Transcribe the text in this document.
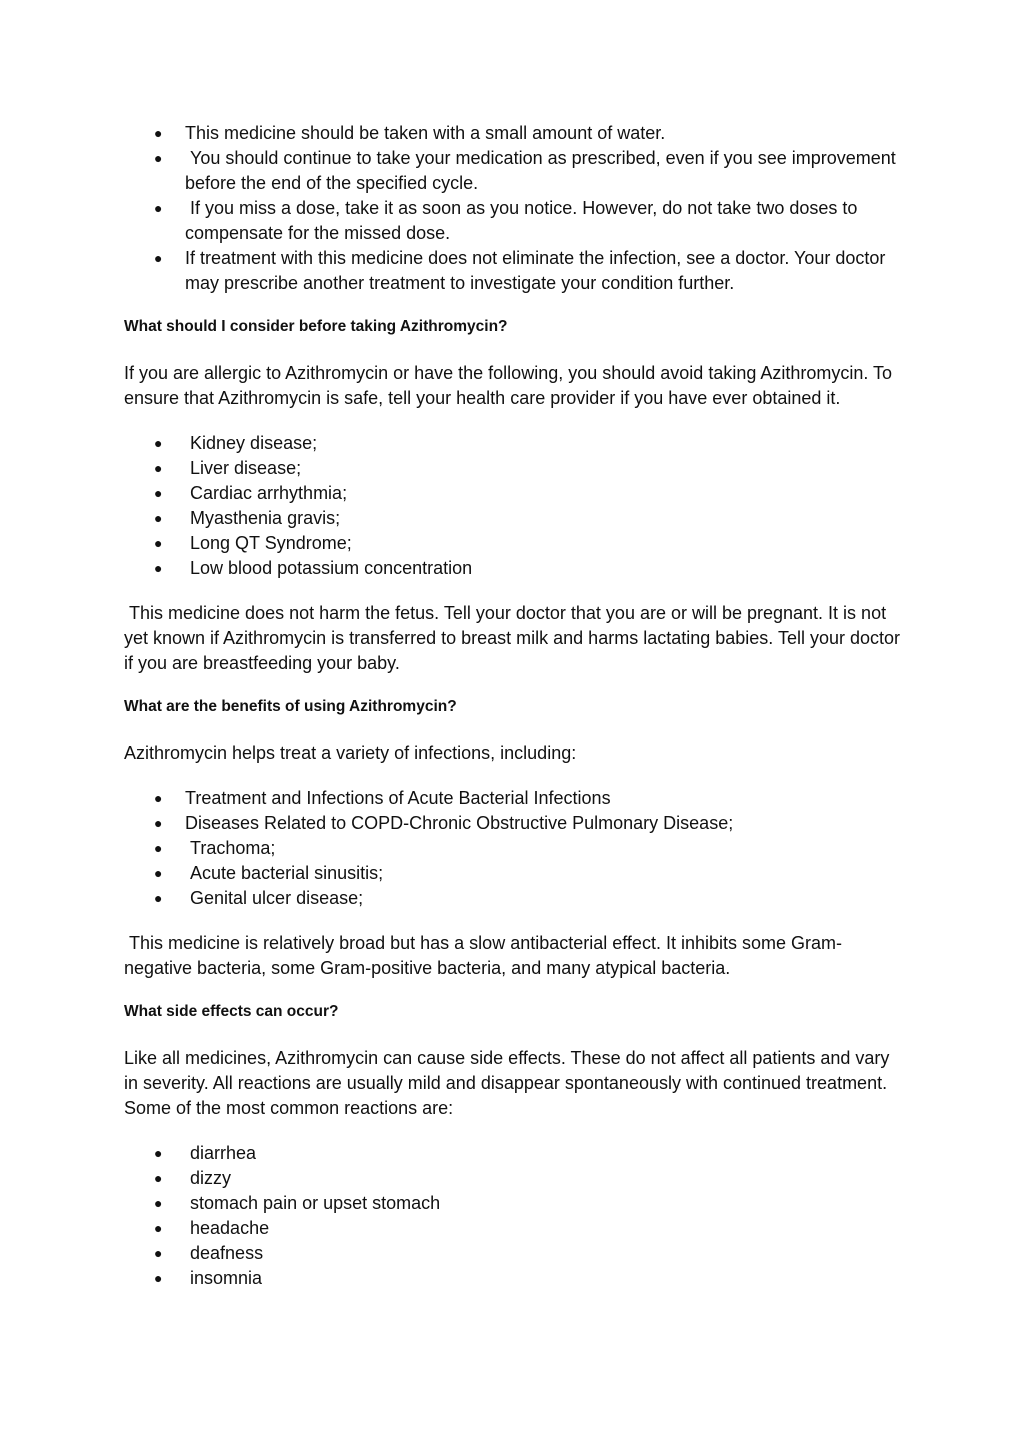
● This medicine should be taken with a small amount of water.
● You should continue to take your medication as prescribed, even if you see improvement before the end of the specified cycle.
● If you miss a dose, take it as soon as you notice. However, do not take two doses to compensate for the missed dose.
● If treatment with this medicine does not eliminate the infection, see a doctor. Your doctor may prescribe another treatment to investigate your condition further.
What should I consider before taking Azithromycin?

If you are allergic to Azithromycin or have the following, you should avoid taking Azithromycin. To ensure that Azithromycin is safe, tell your health care provider if you have ever obtained it.

● Kidney disease;
● Liver disease;
● Cardiac arrhythmia;
● Myasthenia gravis;
● Long QT Syndrome;
● Low blood potassium concentration

This medicine does not harm the fetus. Tell your doctor that you are or will be pregnant. It is not yet known if Azithromycin is transferred to breast milk and harms lactating babies. Tell your doctor if you are breastfeeding your baby.

What are the benefits of using Azithromycin?

Azithromycin helps treat a variety of infections, including:

● Treatment and Infections of Acute Bacterial Infections
● Diseases Related to COPD-Chronic Obstructive Pulmonary Disease;
● Trachoma;
● Acute bacterial sinusitis;
● Genital ulcer disease;

This medicine is relatively broad but has a slow antibacterial effect. It inhibits some Gram-negative bacteria, some Gram-positive bacteria, and many atypical bacteria.

What side effects can occur?

Like all medicines, Azithromycin can cause side effects. These do not affect all patients and vary in severity. All reactions are usually mild and disappear spontaneously with continued treatment. Some of the most common reactions are:

● diarrhea
● dizzy
● stomach pain or upset stomach
● headache
● deafness
● insomnia
